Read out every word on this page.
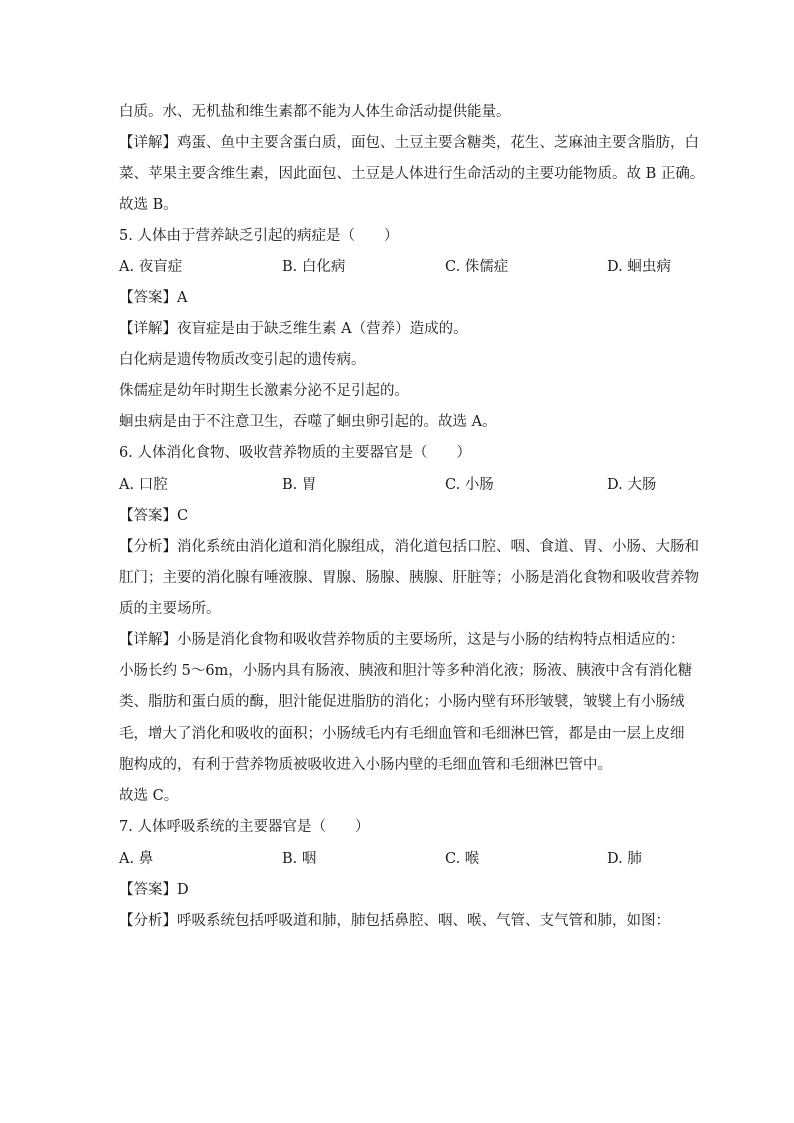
白质。水、无机盐和维生素都不能为人体生命活动提供能量。
【详解】鸡蛋、鱼中主要含蛋白质，面包、土豆主要含糖类，花生、芝麻油主要含脂肪，白
菜、苹果主要含维生素，因此面包、土豆是人体进行生命活动的主要功能物质。故 B 正确。
故选 B。
5. 人体由于营养缺乏引起的病症是（　　）
A. 夜盲症	B. 白化病	C. 侏儒症	D. 蛔虫病
【答案】A
【详解】夜盲症是由于缺乏维生素 A（营养）造成的。
白化病是遗传物质改变引起的遗传病。
侏儒症是幼年时期生长激素分泌不足引起的。
蛔虫病是由于不注意卫生，吞噬了蛔虫卵引起的。故选 A。
6. 人体消化食物、吸收营养物质的主要器官是（　　）
A. 口腔	B. 胃	C. 小肠	D. 大肠
【答案】C
【分析】消化系统由消化道和消化腺组成，消化道包括口腔、咽、食道、胃、小肠、大肠和
肛门；主要的消化腺有唾液腺、胃腺、肠腺、胰腺、肝脏等；小肠是消化食物和吸收营养物
质的主要场所。
【详解】小肠是消化食物和吸收营养物质的主要场所，这是与小肠的结构特点相适应的：
小肠长约 5～6m，小肠内具有肠液、胰液和胆汁等多种消化液；肠液、胰液中含有消化糖
类、脂肪和蛋白质的酶，胆汁能促进脂肪的消化；小肠内壁有环形皱襞，皱襞上有小肠绒
毛，增大了消化和吸收的面积；小肠绒毛内有毛细血管和毛细淋巴管，都是由一层上皮细
胞构成的，有利于营养物质被吸收进入小肠内壁的毛细血管和毛细淋巴管中。
故选 C。
7. 人体呼吸系统的主要器官是（　　）
A. 鼻	B. 咽	C. 喉	D. 肺
【答案】D
【分析】呼吸系统包括呼吸道和肺，肺包括鼻腔、咽、喉、气管、支气管和肺，如图：
